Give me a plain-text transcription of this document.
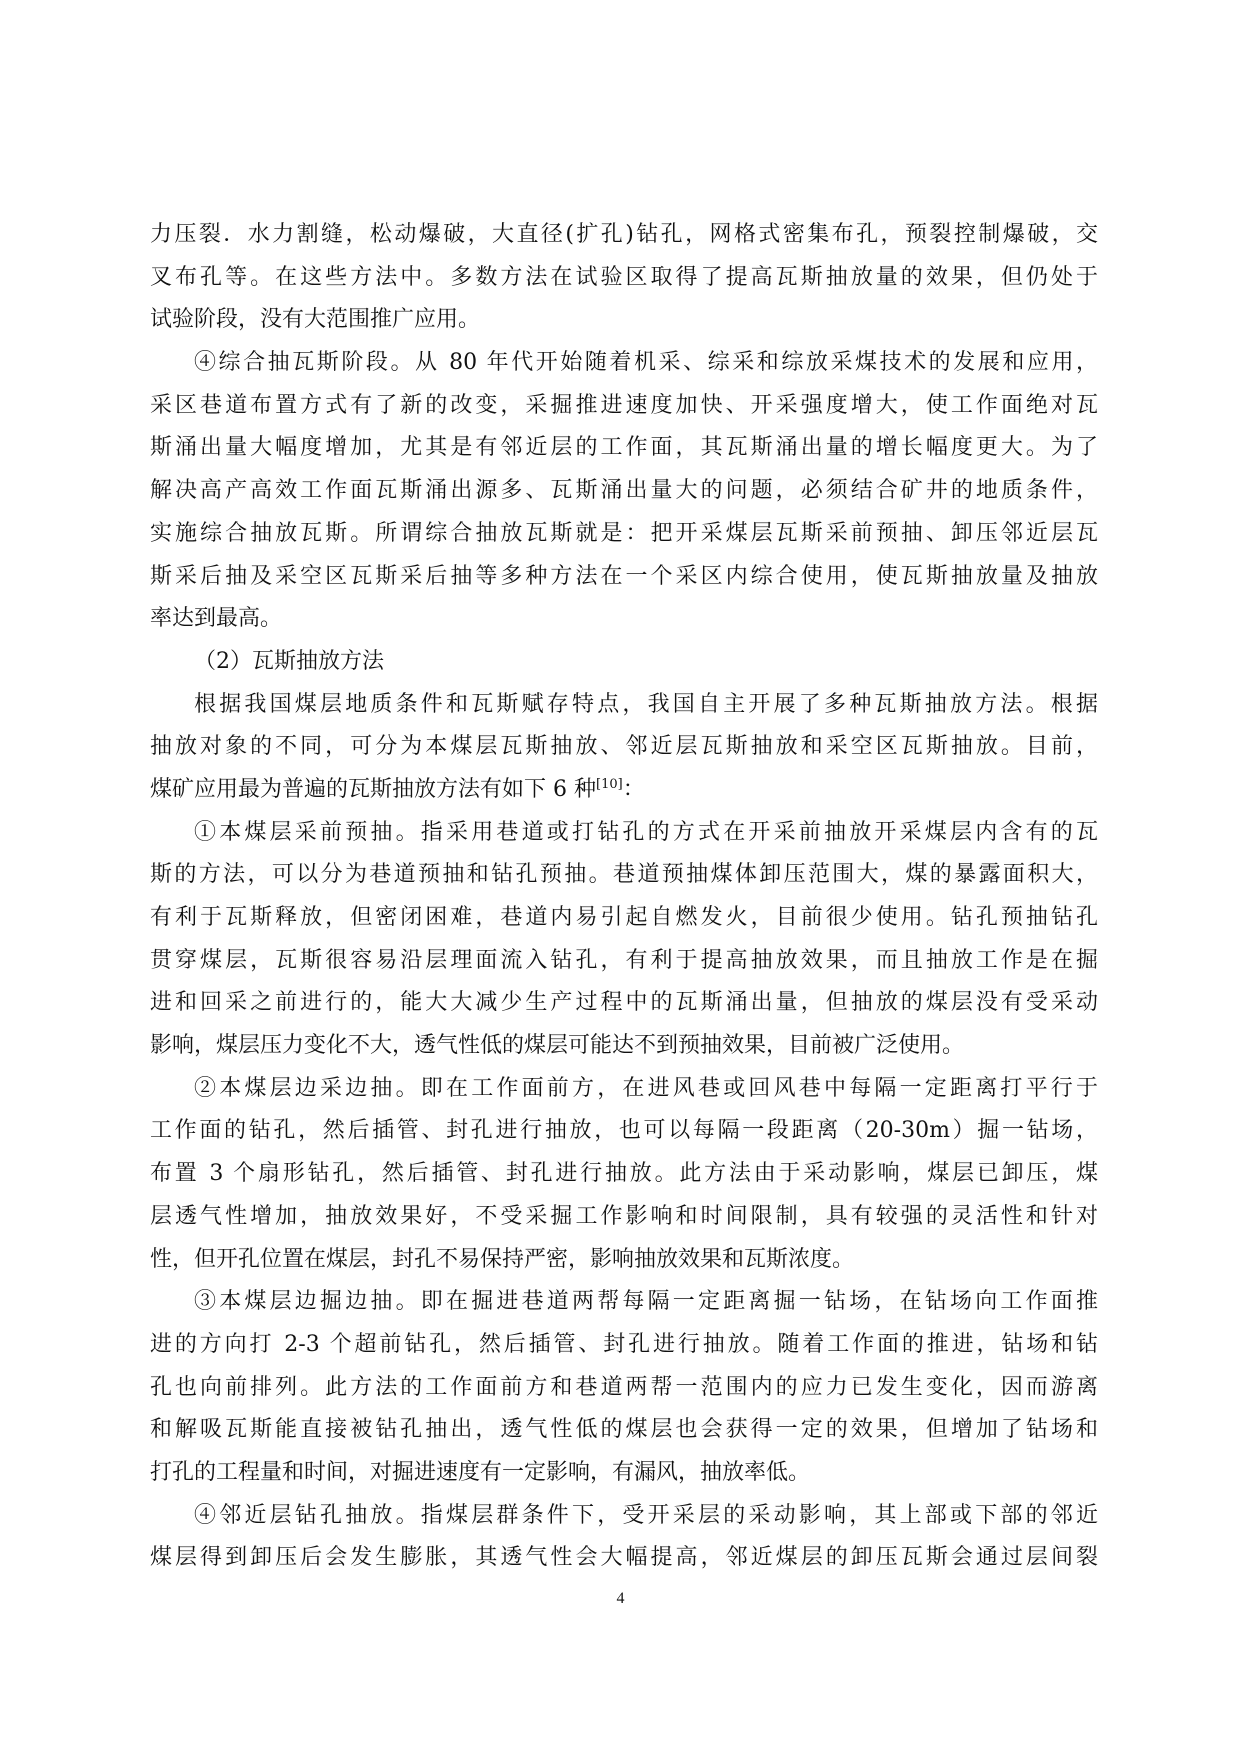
力压裂．水力割缝，松动爆破，大直径(扩孔)钻孔，网格式密集布孔，预裂控制爆破，交
叉布孔等。在这些方法中。多数方法在试验区取得了提高瓦斯抽放量的效果，但仍处于
试验阶段，没有大范围推广应用。
④综合抽瓦斯阶段。从 80 年代开始随着机采、综采和综放采煤技术的发展和应用，
采区巷道布置方式有了新的改变，采掘推进速度加快、开采强度增大，使工作面绝对瓦
斯涌出量大幅度增加，尤其是有邻近层的工作面，其瓦斯涌出量的增长幅度更大。为了
解决高产高效工作面瓦斯涌出源多、瓦斯涌出量大的问题，必须结合矿井的地质条件，
实施综合抽放瓦斯。所谓综合抽放瓦斯就是：把开采煤层瓦斯采前预抽、卸压邻近层瓦
斯采后抽及采空区瓦斯采后抽等多种方法在一个采区内综合使用，使瓦斯抽放量及抽放
率达到最高。
（2）瓦斯抽放方法
根据我国煤层地质条件和瓦斯赋存特点，我国自主开展了多种瓦斯抽放方法。根据
抽放对象的不同，可分为本煤层瓦斯抽放、邻近层瓦斯抽放和采空区瓦斯抽放。目前，
煤矿应用最为普遍的瓦斯抽放方法有如下 6 种[10]：
①本煤层采前预抽。指采用巷道或打钻孔的方式在开采前抽放开采煤层内含有的瓦
斯的方法，可以分为巷道预抽和钻孔预抽。巷道预抽煤体卸压范围大，煤的暴露面积大，
有利于瓦斯释放，但密闭困难，巷道内易引起自燃发火，目前很少使用。钻孔预抽钻孔
贯穿煤层，瓦斯很容易沿层理面流入钻孔，有利于提高抽放效果，而且抽放工作是在掘
进和回采之前进行的，能大大减少生产过程中的瓦斯涌出量，但抽放的煤层没有受采动
影响，煤层压力变化不大，透气性低的煤层可能达不到预抽效果，目前被广泛使用。
②本煤层边采边抽。即在工作面前方，在进风巷或回风巷中每隔一定距离打平行于
工作面的钻孔，然后插管、封孔进行抽放，也可以每隔一段距离（20-30m）掘一钻场，
布置 3 个扇形钻孔，然后插管、封孔进行抽放。此方法由于采动影响，煤层已卸压，煤
层透气性增加，抽放效果好，不受采掘工作影响和时间限制，具有较强的灵活性和针对
性，但开孔位置在煤层，封孔不易保持严密，影响抽放效果和瓦斯浓度。
③本煤层边掘边抽。即在掘进巷道两帮每隔一定距离掘一钻场，在钻场向工作面推
进的方向打 2-3 个超前钻孔，然后插管、封孔进行抽放。随着工作面的推进，钻场和钻
孔也向前排列。此方法的工作面前方和巷道两帮一范围内的应力已发生变化，因而游离
和解吸瓦斯能直接被钻孔抽出，透气性低的煤层也会获得一定的效果，但增加了钻场和
打孔的工程量和时间，对掘进速度有一定影响，有漏风，抽放率低。
④邻近层钻孔抽放。指煤层群条件下，受开采层的采动影响，其上部或下部的邻近
煤层得到卸压后会发生膨胀，其透气性会大幅提高，邻近煤层的卸压瓦斯会通过层间裂
4
